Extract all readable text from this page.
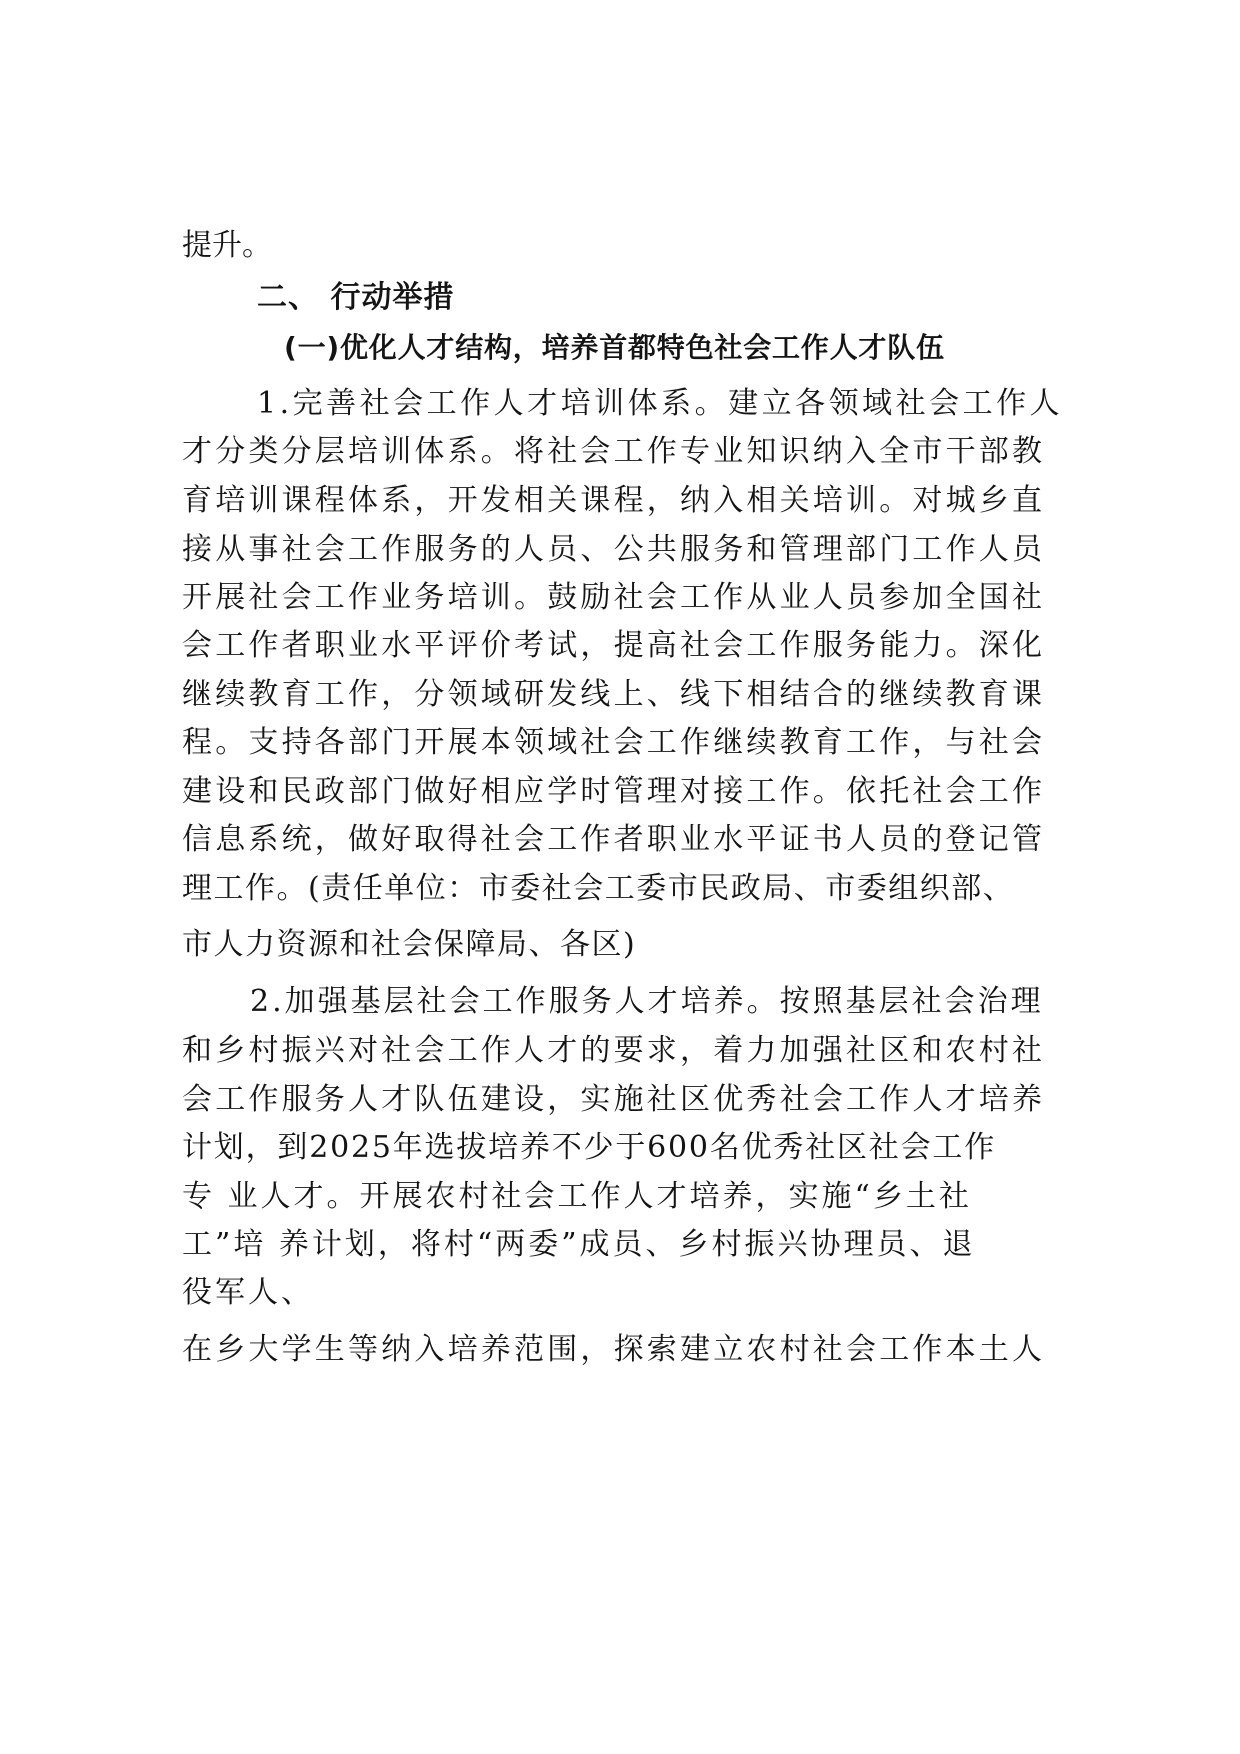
提升。
二、 行动举措
(一)优化人才结构，培养首都特色社会工作人才队伍
1.完善社会工作人才培训体系。建立各领域社会工作人
才分类分层培训体系。将社会工作专业知识纳入全市干部教
育培训课程体系，开发相关课程，纳入相关培训。对城乡直
接从事社会工作服务的人员、公共服务和管理部门工作人员
开展社会工作业务培训。鼓励社会工作从业人员参加全国社
会工作者职业水平评价考试，提高社会工作服务能力。深化
继续教育工作，分领域研发线上、线下相结合的继续教育课
程。支持各部门开展本领域社会工作继续教育工作，与社会
建设和民政部门做好相应学时管理对接工作。依托社会工作
信息系统，做好取得社会工作者职业水平证书人员的登记管
理工作。(责任单位：市委社会工委市民政局、市委组织部、
市人力资源和社会保障局、各区)
2.加强基层社会工作服务人才培养。按照基层社会治理
和乡村振兴对社会工作人才的要求，着力加强社区和农村社
会工作服务人才队伍建设，实施社区优秀社会工作人才培养
计划，到2025年选拔培养不少于600名优秀社区社会工作
专 业人才。开展农村社会工作人才培养，实施“乡土社
工”培 养计划，将村“两委”成员、乡村振兴协理员、退
役军人、
在乡大学生等纳入培养范围，探索建立农村社会工作本土人
